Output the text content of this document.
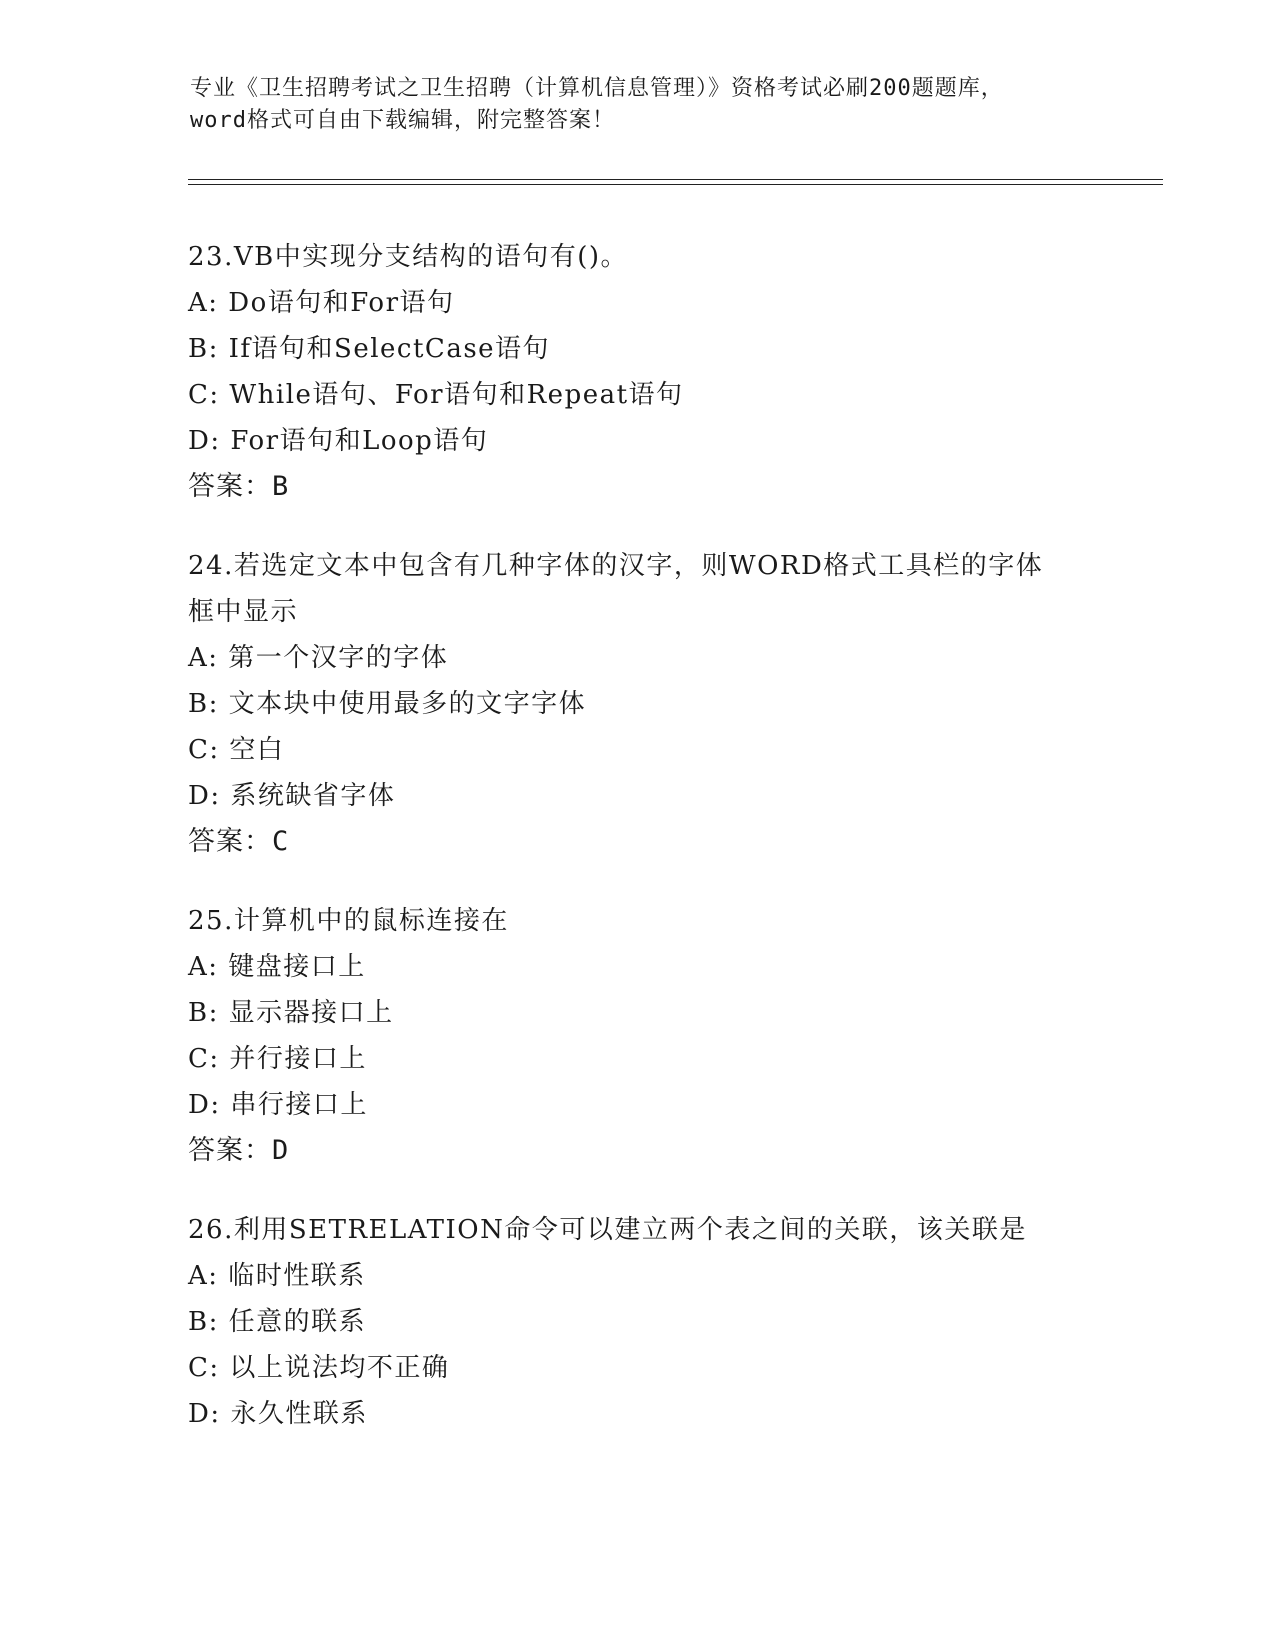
专业《卫生招聘考试之卫生招聘（计算机信息管理）》资格考试必刷200题题库，
word格式可自由下载编辑，附完整答案！
23.VB中实现分支结构的语句有()。
A: Do语句和For语句
B: If语句和SelectCase语句
C: While语句、For语句和Repeat语句
D: For语句和Loop语句
答案：B
24.若选定文本中包含有几种字体的汉字，则WORD格式工具栏的字体
框中显示
A: 第一个汉字的字体
B: 文本块中使用最多的文字字体
C: 空白
D: 系统缺省字体
答案：C
25.计算机中的鼠标连接在
A: 键盘接口上
B: 显示器接口上
C: 并行接口上
D: 串行接口上
答案：D
26.利用SETRELATION命令可以建立两个表之间的关联，该关联是
A: 临时性联系
B: 任意的联系
C: 以上说法均不正确
D: 永久性联系
